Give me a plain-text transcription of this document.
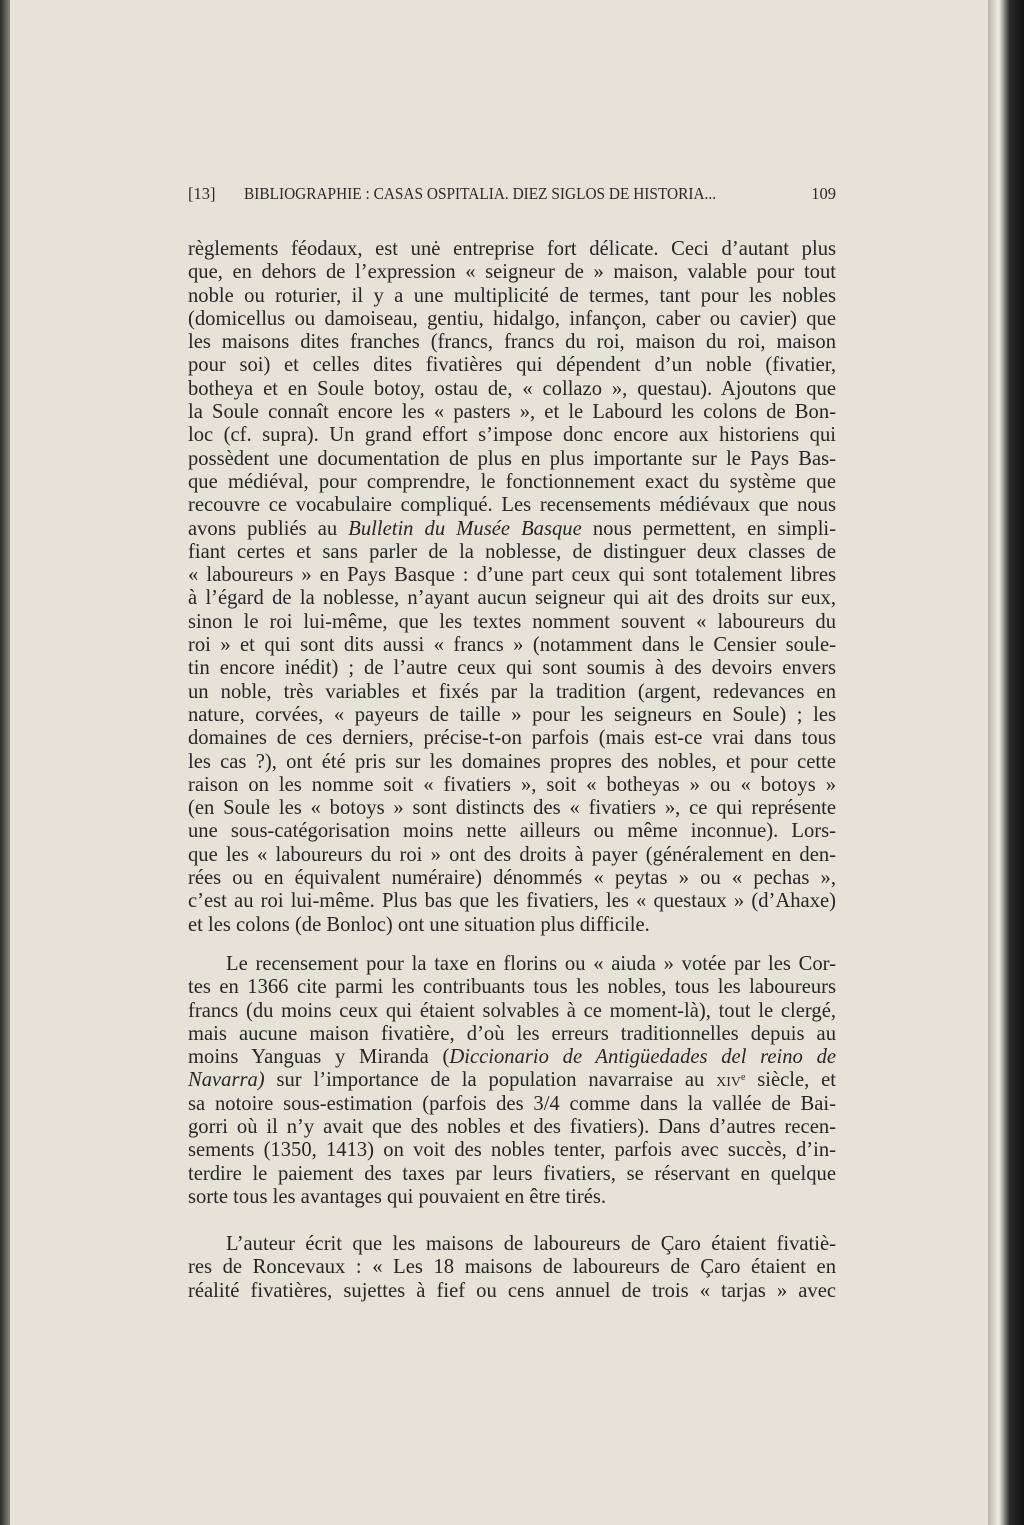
[13] BIBLIOGRAPHIE : CASAS OSPITALIA. DIEZ SIGLOS DE HISTORIA...	109
règlements féodaux, est unė entreprise fort délicate. Ceci d’autant plus
que, en dehors de l’expression « seigneur de » maison, valable pour tout
noble ou roturier, il y a une multiplicité de termes, tant pour les nobles
(domicellus ou damoiseau, gentiu, hidalgo, infançon, caber ou cavier) que
les maisons dites franches (francs, francs du roi, maison du roi, maison
pour soi) et celles dites fivatières qui dépendent d’un noble (fivatier,
botheya et en Soule botoy, ostau de, « collazo », questau). Ajoutons que
la Soule connaît encore les « pasters », et le Labourd les colons de Bon-
loc (cf. supra). Un grand effort s’impose donc encore aux historiens qui
possèdent une documentation de plus en plus importante sur le Pays Bas-
que médiéval, pour comprendre, le fonctionnement exact du système que
recouvre ce vocabulaire compliqué. Les recensements médiévaux que nous
avons publiés au Bulletin du Musée Basque nous permettent, en simpli-
fiant certes et sans parler de la noblesse, de distinguer deux classes de
« laboureurs » en Pays Basque : d’une part ceux qui sont totalement libres
à l’égard de la noblesse, n’ayant aucun seigneur qui ait des droits sur eux,
sinon le roi lui-même, que les textes nomment souvent « laboureurs du
roi » et qui sont dits aussi « francs » (notamment dans le Censier soule-
tin encore inédit) ; de l’autre ceux qui sont soumis à des devoirs envers
un noble, très variables et fixés par la tradition (argent, redevances en
nature, corvées, « payeurs de taille » pour les seigneurs en Soule) ; les
domaines de ces derniers, précise-t-on parfois (mais est-ce vrai dans tous
les cas ?), ont été pris sur les domaines propres des nobles, et pour cette
raison on les nomme soit « fivatiers », soit « botheyas » ou « botoys »
(en Soule les « botoys » sont distincts des « fivatiers », ce qui représente
une sous-catégorisation moins nette ailleurs ou même inconnue). Lors-
que les « laboureurs du roi » ont des droits à payer (généralement en den-
rées ou en équivalent numéraire) dénommés « peytas » ou « pechas »,
c’est au roi lui-même. Plus bas que les fivatiers, les « questaux » (d’Ahaxe)
et les colons (de Bonloc) ont une situation plus difficile.
Le recensement pour la taxe en florins ou « aiuda » votée par les Cor-
tes en 1366 cite parmi les contribuants tous les nobles, tous les laboureurs
francs (du moins ceux qui étaient solvables à ce moment-là), tout le clergé,
mais aucune maison fivatière, d’où les erreurs traditionnelles depuis au
moins Yanguas y Miranda (Diccionario de Antigüedades del reino de
Navarra) sur l’importance de la population navarraise au xiv$^e$ siècle, et
sa notoire sous-estimation (parfois des 3/4 comme dans la vallée de Bai-
gorri où il n’y avait que des nobles et des fivatiers). Dans d’autres recen-
sements (1350, 1413) on voit des nobles tenter, parfois avec succès, d’in-
terdire le paiement des taxes par leurs fivatiers, se réservant en quelque
sorte tous les avantages qui pouvaient en être tirés.
L’auteur écrit que les maisons de laboureurs de Çaro étaient fivatiè-
res de Roncevaux : « Les 18 maisons de laboureurs de Çaro étaient en
réalité fivatières, sujettes à fief ou cens annuel de trois « tarjas » avec
